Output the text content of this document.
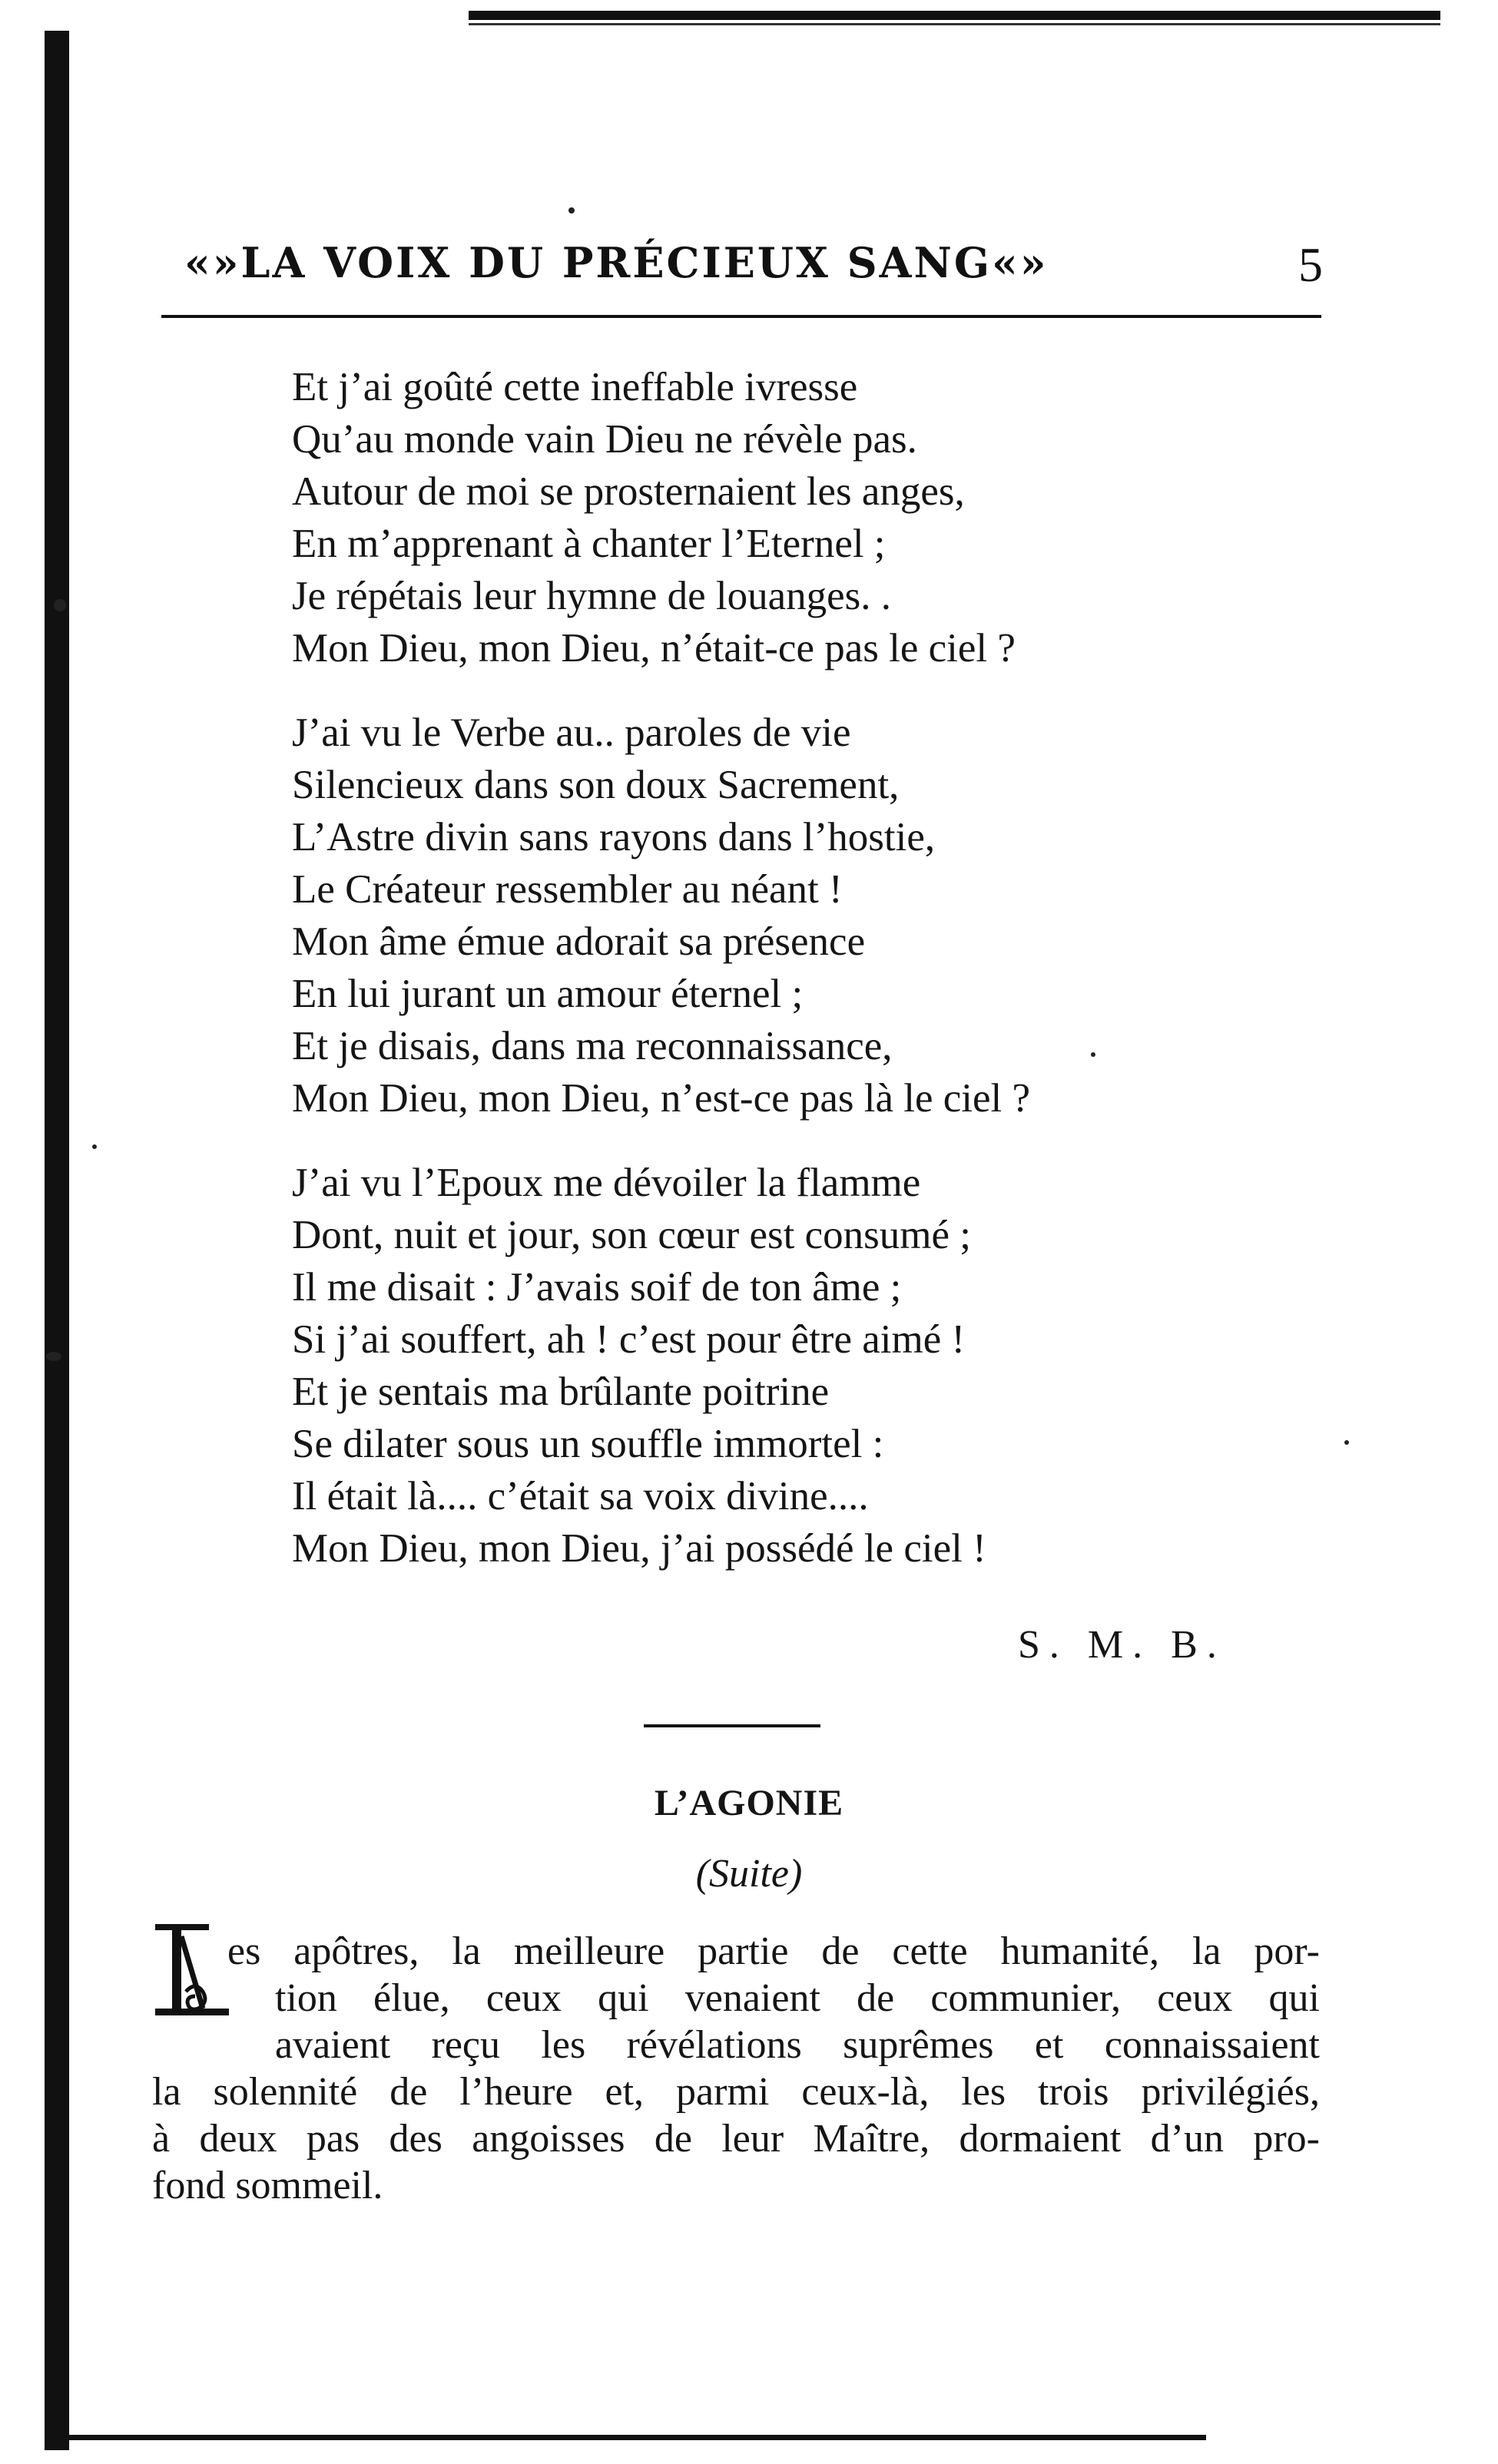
«»LA VOIX DU PRÉCIEUX SANG«»	5
Et j’ai goûté cette ineffable ivresse
Qu’au monde vain Dieu ne révèle pas.
Autour de moi se prosternaient les anges,
En m’apprenant à chanter l’Eternel ;
Je répétais leur hymne de louanges. .
Mon Dieu, mon Dieu, n’était-ce pas le ciel ?
J’ai vu le Verbe au.. paroles de vie
Silencieux dans son doux Sacrement,
L’Astre divin sans rayons dans l’hostie,
Le Créateur ressembler au néant !
Mon âme émue adorait sa présence
En lui jurant un amour éternel ;
Et je disais, dans ma reconnaissance,
Mon Dieu, mon Dieu, n’est-ce pas là le ciel ?
J’ai vu l’Epoux me dévoiler la flamme
Dont, nuit et jour, son cœur est consumé ;
Il me disait : J’avais soif de ton âme ;
Si j’ai souffert, ah ! c’est pour être aimé !
Et je sentais ma brûlante poitrine
Se dilater sous un souffle immortel :
Il était là.... c’était sa voix divine....
Mon Dieu, mon Dieu, j’ai possédé le ciel !
S. M. B.
L’AGONIE
(Suite)
es apôtres, la meilleure partie de cette humanité, la por-
tion élue, ceux qui venaient de communier, ceux qui
avaient reçu les révélations suprêmes et connaissaient
la solennité de l’heure et, parmi ceux-là, les trois privilégiés,
à deux pas des angoisses de leur Maître, dormaient d’un pro-
fond sommeil.
